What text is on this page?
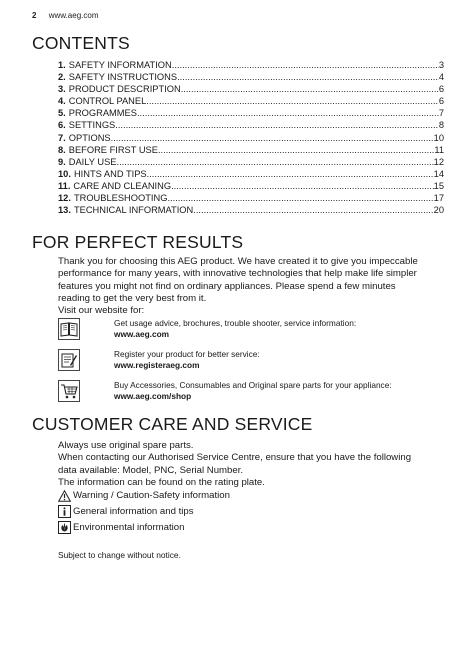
2 www.aeg.com
CONTENTS
1. SAFETY INFORMATION .....	3
2. SAFETY INSTRUCTIONS .....	4
3. PRODUCT DESCRIPTION .....	6
4. CONTROL PANEL .....	6
5. PROGRAMMES .....	7
6. SETTINGS .....	8
7. OPTIONS .....	10
8. BEFORE FIRST USE .....	11
9. DAILY USE .....	12
10. HINTS AND TIPS .....	14
11. CARE AND CLEANING .....	15
12. TROUBLESHOOTING .....	17
13. TECHNICAL INFORMATION .....	20
FOR PERFECT RESULTS
Thank you for choosing this AEG product. We have created it to give you impeccable
performance for many years, with innovative technologies that help make life simpler
features you might not find on ordinary appliances. Please spend a few minutes
reading to get the very best from it.
Visit our website for:
Get usage advice, brochures, trouble shooter, service information:
www.aeg.com
Register your product for better service:
www.registeraeg.com
Buy Accessories, Consumables and Original spare parts for your appliance:
www.aeg.com/shop
CUSTOMER CARE AND SERVICE
Always use original spare parts.
When contacting our Authorised Service Centre, ensure that you have the following
data available: Model, PNC, Serial Number.
The information can be found on the rating plate.
Warning / Caution-Safety information
General information and tips
Environmental information
Subject to change without notice.
